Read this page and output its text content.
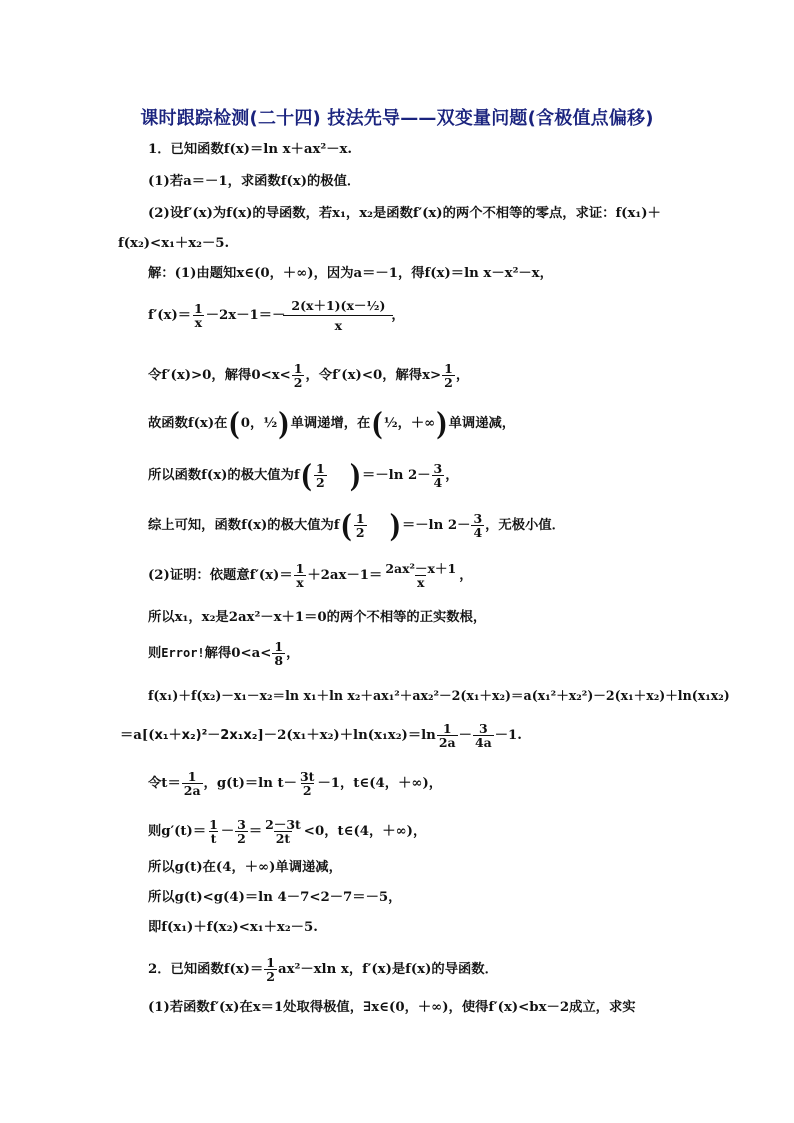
课时跟踪检测(二十四) 技法先导——双变量问题(含极值点偏移)
1．已知函数f(x)＝ln x＋ax²－x.
(1)若a＝－1，求函数f(x)的极值．
(2)设f′(x)为f(x)的导函数，若x₁，x₂是函数f′(x)的两个不相等的零点，求证：f(x₁)＋
f(x₂)<x₁＋x₂－5.
解：(1)由题知x∈(0，＋∞)，因为a＝－1，得f(x)＝ln x－x²－x，
$f'(x)= \frac{1}{x} -2x-1=- \frac{\text{2(x＋1)(x－½)}}{x}$ ，
令f′(x)>0，解得$0<x< \frac{1}{2}$ ，令f′(x)<0，解得$x> \frac{1}{2}$ ，
故函数f(x)在 ( 0，½ ) 单调递增，在 ( ½，＋∞ ) 单调递减，
所以函数f(x)的极大值为f ( $\frac{1}{2}$ ) ＝－ln $2- \frac{3}{4}$ ，
综上可知，函数f(x)的极大值为f ( $\frac{1}{2}$ ) ＝－ln $2- \frac{3}{4}$ ，无极小值．
(2)证明：依题意$f'(x)= \frac{1}{x} +2ax-1= \frac{\text{2ax²－x＋1}}{x}$ ，
所以x₁，x₂是2ax²－x＋1＝0的两个不相等的正实数根，
则 Error! 解得$0<a< \frac{1}{8}$ ，
f(x₁)＋f(x₂)－x₁－x₂＝ln x₁＋ln x₂＋ax₁²＋ax₂²－2(x₁＋x₂)＝a(x₁²＋x₂²)－2(x₁＋x₂)＋ln(x₁x₂)
＝a[( x₁＋x₂)²－2x₁x₂ ]$-2(x_1+x_2)+\ln(x_1x_2)=\ln \frac{1}{2a} - \frac{3}{4a} -1$.
令$t= \frac{1}{2a}$ ，g(t)＝ln $t- \frac{3t}{2} -1$，t∈(4，＋∞)，
则$g'(t)= \frac{1}{t} - \frac{3}{2} = \frac{2-3t}{2t} <0$，t∈(4，＋∞)，
所以g(t)在(4，＋∞)单调递减，
所以g(t)<g(4)＝ln 4－7<2－7＝－5，
即f(x₁)＋f(x₂)<x₁＋x₂－5.
2．已知函数$f(x)= \frac{1}{2} ax^2-xln$ x，f′(x)是f(x)的导函数．
(1)若函数f′(x)在x＝1处取得极值，∃x∈(0，＋∞)，使得f′(x)<bx－2成立，求实
